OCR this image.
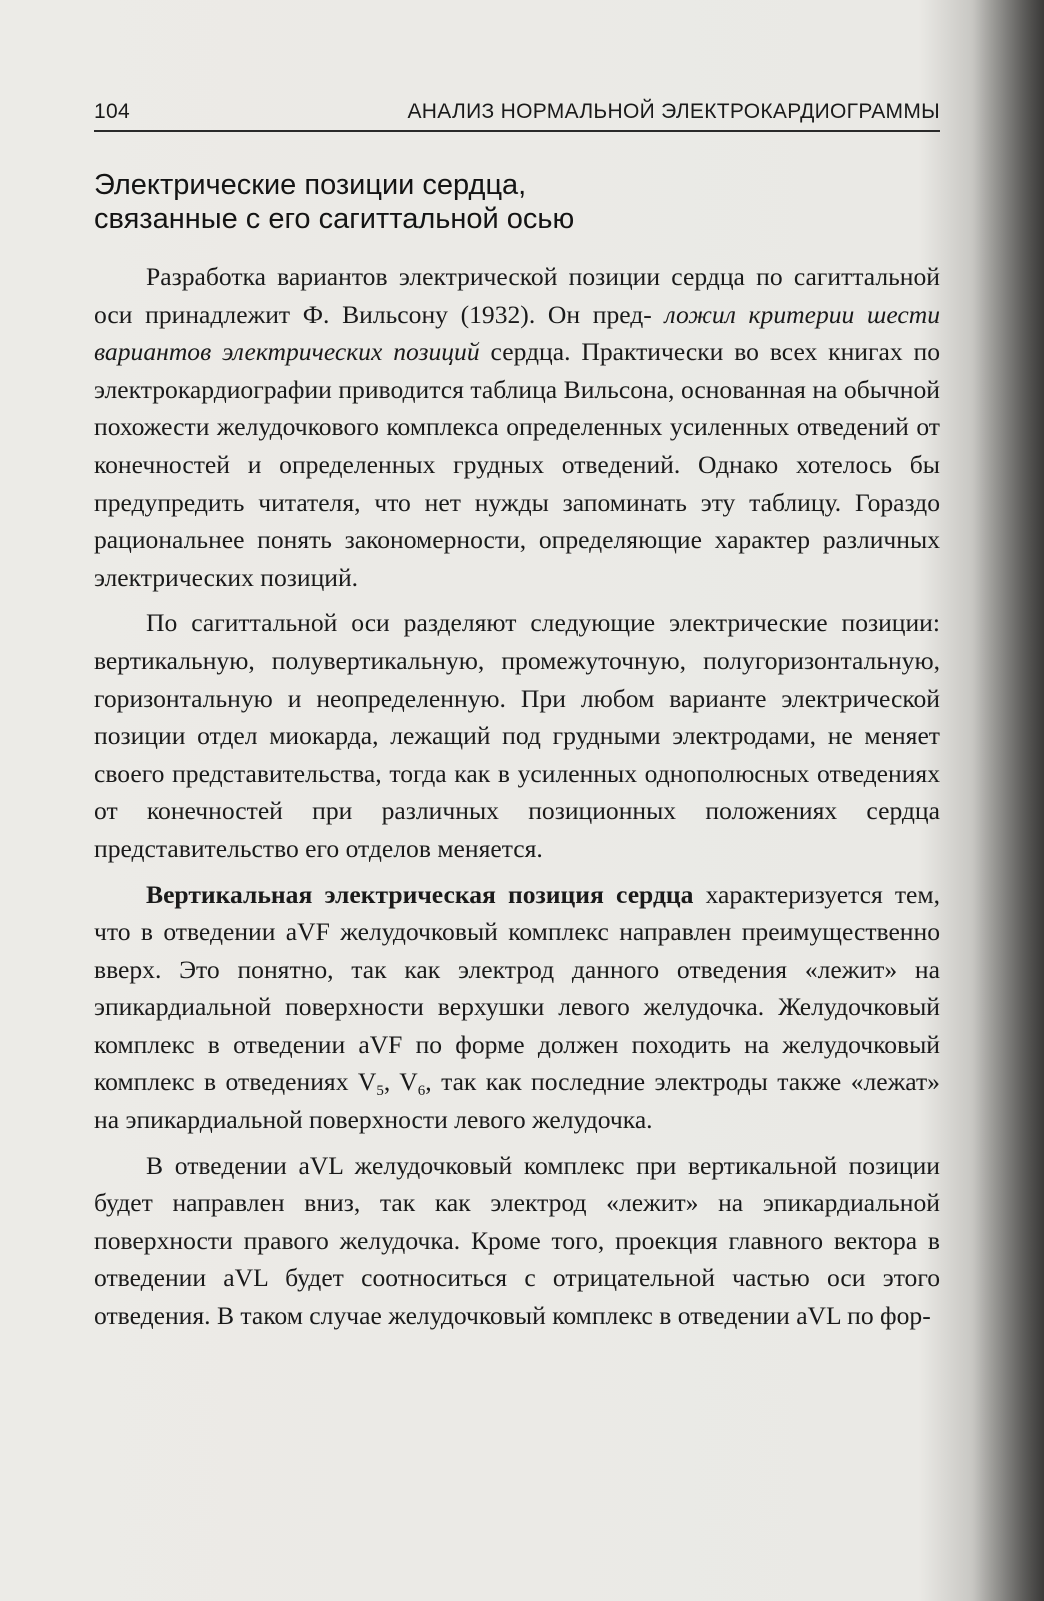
104	АНАЛИЗ НОРМАЛЬНОЙ ЭЛЕКТРОКАРДИОГРАММЫ
Электрические позиции сердца,
связанные с его сагиттальной осью

Разработка вариантов электрической позиции сердца по сагиттальной оси принадлежит Ф. Вильсону (1932). Он пред- ложил критерии шести вариантов электрических позиций сердца. Практически во всех книгах по электрокардиографии приводится таблица Вильсона, основанная на обычной похожести желудочкового комплекса определенных усиленных отведений от конечностей и определенных грудных отведений. Однако хотелось бы предупредить читателя, что нет нужды запоминать эту таблицу. Гораздо рациональнее понять закономерности, определяющие характер различных электрических позиций.

По сагиттальной оси разделяют следующие электрические позиции: вертикальную, полувертикальную, промежуточную, полугоризонтальную, горизонтальную и неопределенную. При любом варианте электрической позиции отдел миокарда, лежащий под грудными электродами, не меняет своего представительства, тогда как в усиленных однополюсных отведениях от конечностей при различных позиционных положениях сердца представительство его отделов меняется.

Вертикальная электрическая позиция сердца характеризуется тем, что в отведении aVF желудочковый комплекс направлен преимущественно вверх. Это понятно, так как электрод данного отведения «лежит» на эпикардиальной поверхности верхушки левого желудочка. Желудочковый комплекс в отведении aVF по форме должен походить на желудочковый комплекс в отведениях $V_5$, $V_6$, так как последние электроды также «лежат» на эпикардиальной поверхности левого желудочка.

В отведении aVL желудочковый комплекс при вертикальной позиции будет направлен вниз, так как электрод «лежит» на эпикардиальной поверхности правого желудочка. Кроме того, проекция главного вектора в отведении aVL будет соотноситься с отрицательной частью оси этого отведения. В таком случае желудочковый комплекс в отведении aVL по фор-
